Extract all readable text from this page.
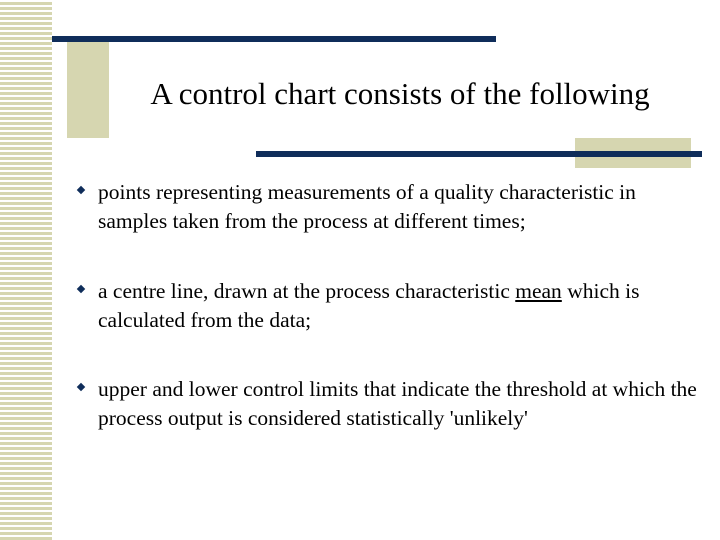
A control chart consists of the following
points representing measurements of a quality characteristic in samples taken from the process at different times;
a centre line, drawn at the process characteristic mean which is calculated from the data;
upper and lower control limits that indicate the threshold at which the process output is considered statistically 'unlikely'
